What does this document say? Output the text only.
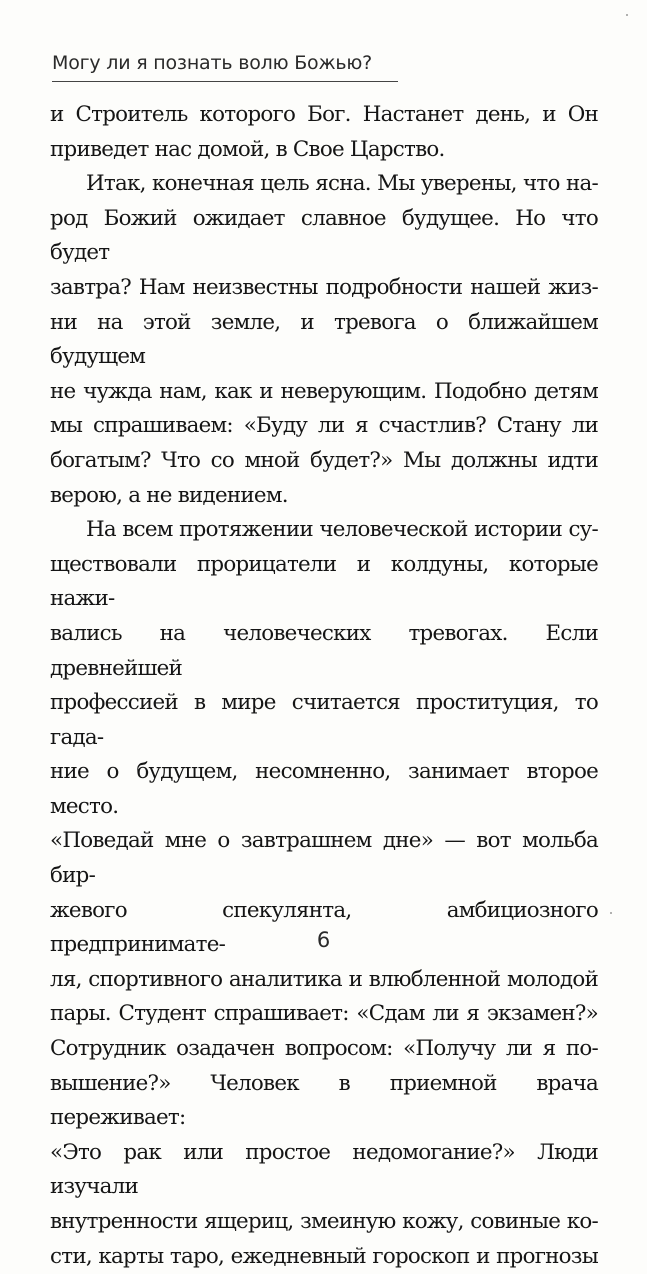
Могу ли я познать волю Божью?

и Строитель которого Бог. Настанет день, и Он

приведет нас домой, в Свое Царство.

Итак, конечная цель ясна. Мы уверены, что на-

род Божий ожидает славное будущее. Но что будет

завтра? Нам неизвестны подробности нашей жиз-

ни на этой земле, и тревога о ближайшем будущем

не чужда нам, как и неверующим. Подобно детям

мы спрашиваем: «Буду ли я счастлив? Стану ли

богатым? Что со мной будет?» Мы должны идти

верою, а не видением.

На всем протяжении человеческой истории су-

ществовали прорицатели и колдуны, которые нажи-

вались на человеческих тревогах. Если древнейшей

профессией в мире считается проституция, то гада-

ние о будущем, несомненно, занимает второе место.

«Поведай мне о завтрашнем дне» — вот мольба бир-

жевого спекулянта, амбициозного предпринимате-

ля, спортивного аналитика и влюбленной молодой

пары. Студент спрашивает: «Сдам ли я экзамен?»

Сотрудник озадачен вопросом: «Получу ли я по-

вышение?» Человек в приемной врача переживает:

«Это рак или простое недомогание?» Люди изучали

внутренности ящериц, змеиную кожу, совиные ко-

сти, карты таро, ежедневный гороскоп и прогнозы

6
